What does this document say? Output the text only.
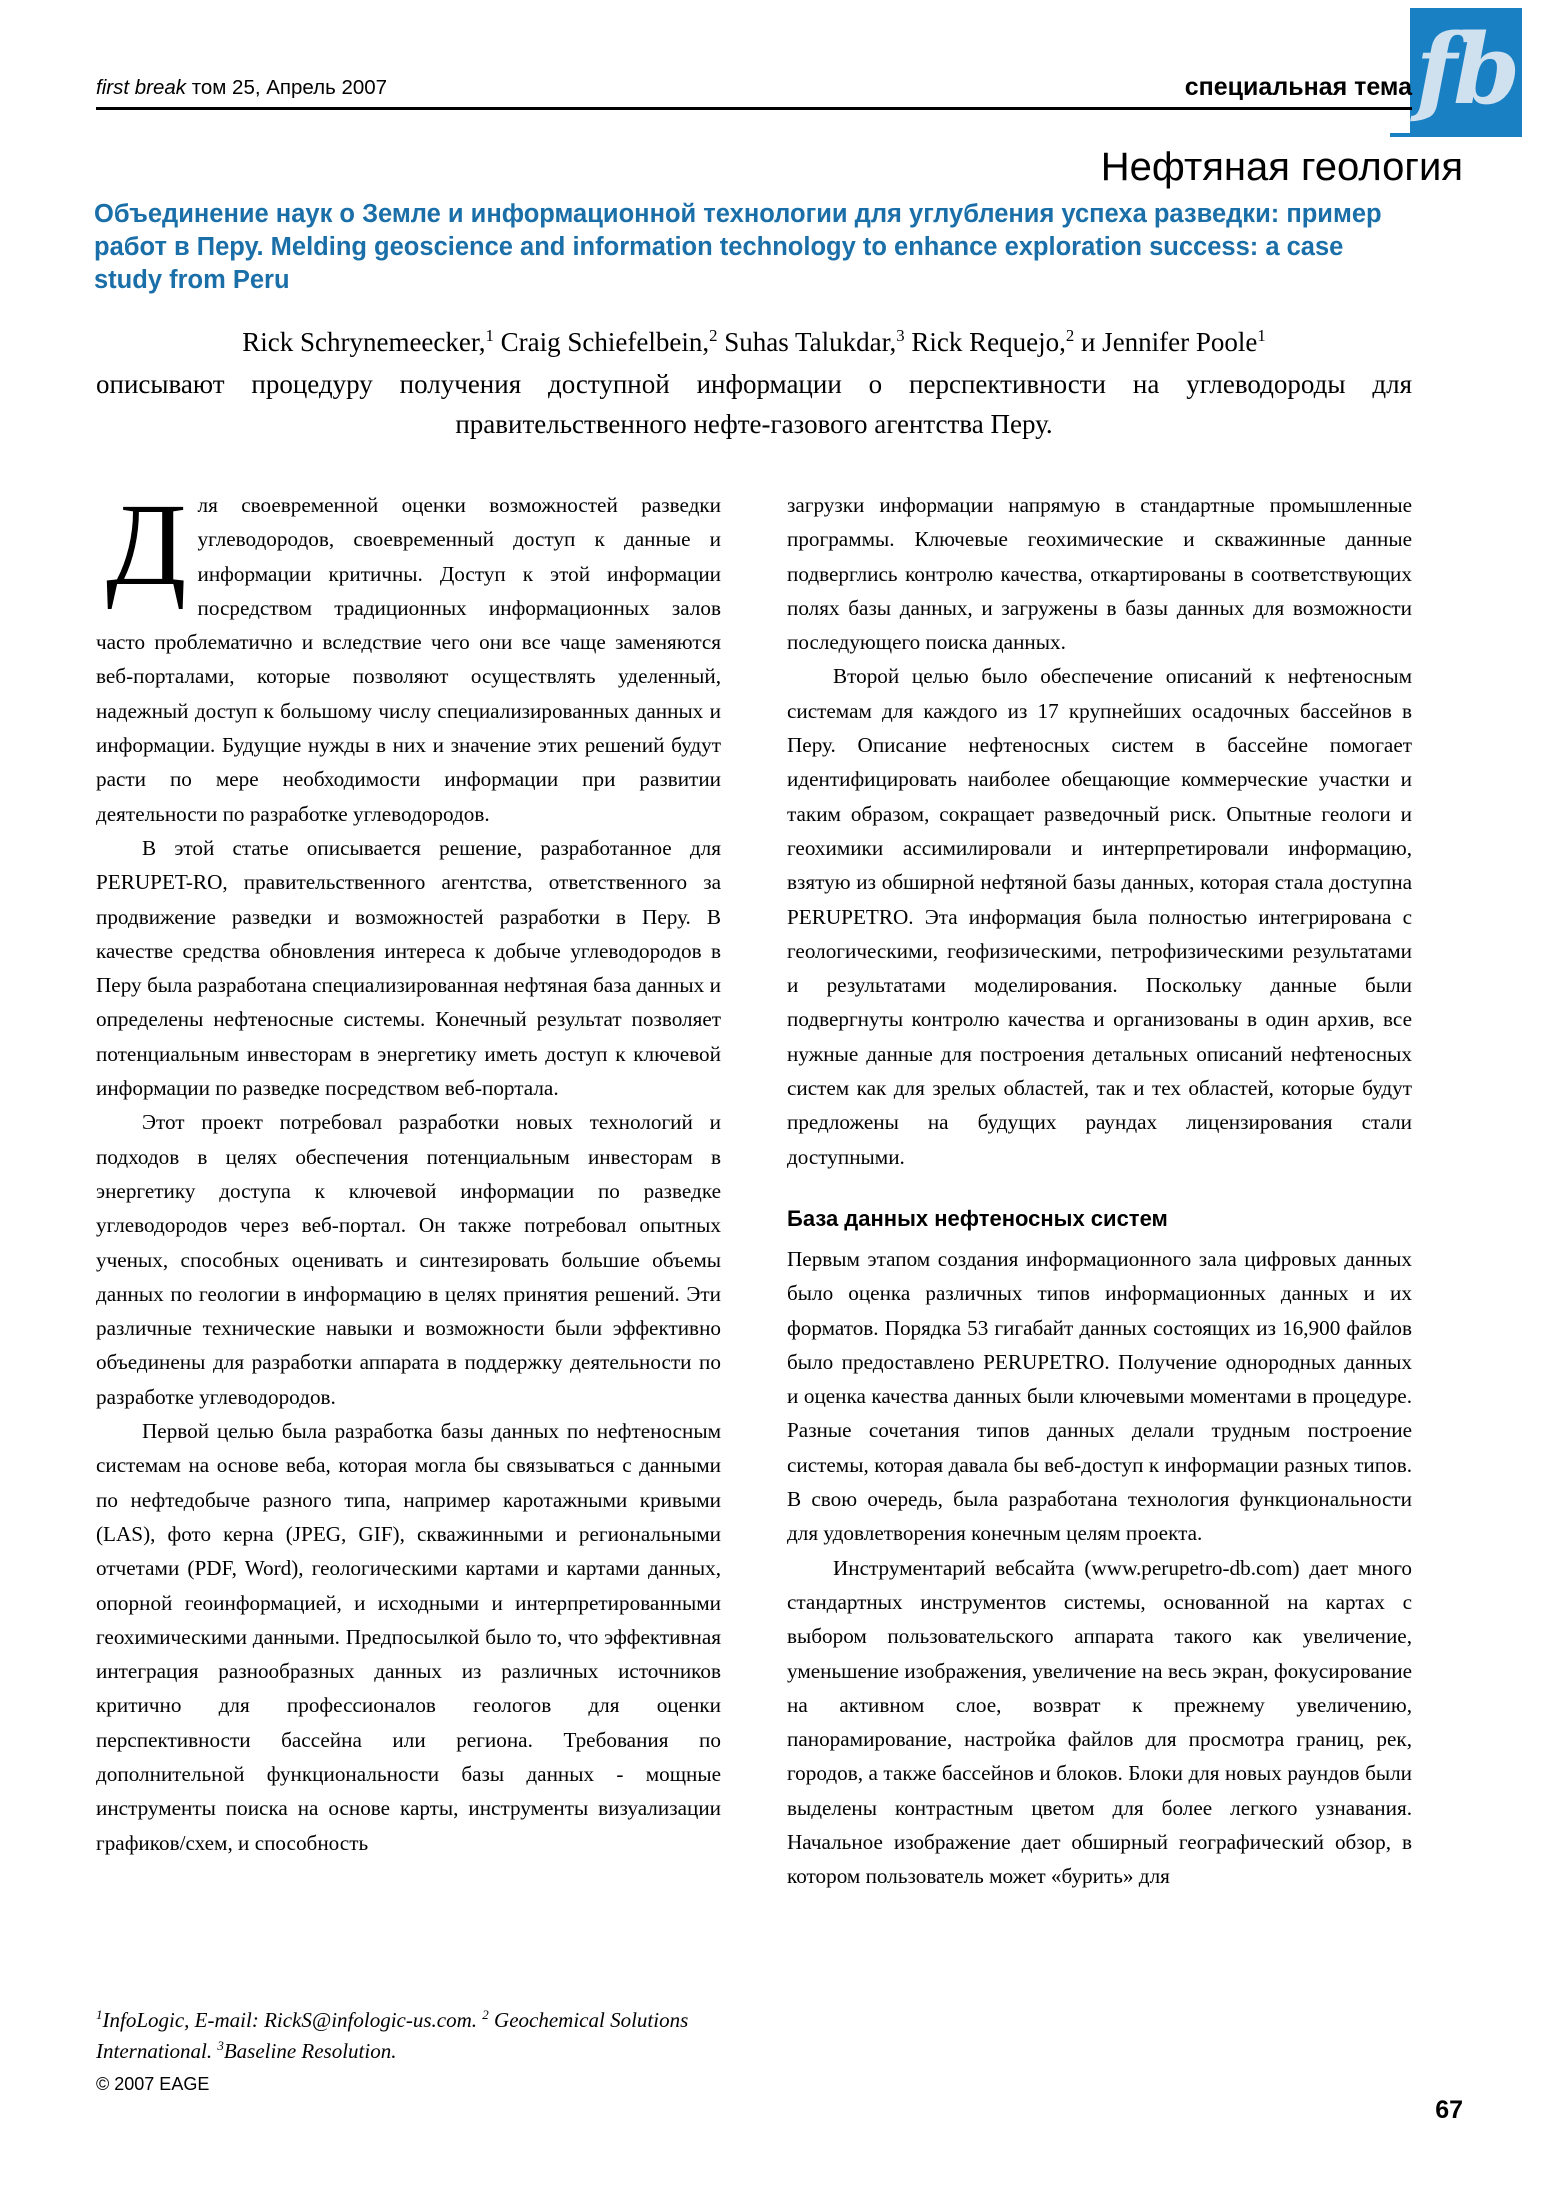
fb
first break том 25, Апрель 2007	специальная тема
Нефтяная геология
Объединение наук о Земле и информационной технологии для углубления успеха разведки: пример работ в Перу. Melding geoscience and information technology to enhance exploration success: a case study from Peru
Rick Schrynemeecker,$^1$ Craig Schiefelbein,$^2$ Suhas Talukdar,$^3$ Rick Requejo,$^2$ и Jennifer Poole$^1$
описывают процедуру получения доступной информации о перспективности на углеводороды для правительственного нефте-газового агентства Перу.

Для своевременной оценки возможностей разведки углеводородов, своевременный доступ к данные и информации критичны. Доступ к этой информации посредством традиционных информационных залов часто проблематично и вследствие чего они все чаще заменяются веб-порталами, которые позволяют осуществлять уделенный, надежный доступ к большому числу специализированных данных и информации. Будущие нужды в них и значение этих решений будут расти по мере необходимости информации при развитии деятельности по разработке углеводородов.

В этой статье описывается решение, разработанное для PERUPET-RO, правительственного агентства, ответственного за продвижение разведки и возможностей разработки в Перу. В качестве средства обновления интереса к добыче углеводородов в Перу была разработана специализированная нефтяная база данных и определены нефтеносные системы. Конечный результат позволяет потенциальным инвесторам в энергетику иметь доступ к ключевой информации по разведке посредством веб-портала.

Этот проект потребовал разработки новых технологий и подходов в целях обеспечения потенциальным инвесторам в энергетику доступа к ключевой информации по разведке углеводородов через веб-портал. Он также потребовал опытных ученых, способных оценивать и синтезировать большие объемы данных по геологии в информацию в целях принятия решений. Эти различные технические навыки и возможности были эффективно объединены для разработки аппарата в поддержку деятельности по разработке углеводородов.

Первой целью была разработка базы данных по нефтеносным системам на основе веба, которая могла бы связываться с данными по нефтедобыче разного типа, например каротажными кривыми (LAS), фото керна (JPEG, GIF), скважинными и региональными отчетами (PDF, Word), геологическими картами и картами данных, опорной геоинформацией, и исходными и интерпретированными геохимическими данными. Предпосылкой было то, что эффективная интеграция разнообразных данных из различных источников критично для профессионалов геологов для оценки перспективности бассейна или региона. Требования по дополнительной функциональности базы данных - мощные инструменты поиска на основе карты, инструменты визуализации графиков/схем, и способность

загрузки информации напрямую в стандартные промышленные программы. Ключевые геохимические и скважинные данные подверглись контролю качества, откартированы в соответствующих полях базы данных, и загружены в базы данных для возможности последующего поиска данных.

Второй целью было обеспечение описаний к нефтеносным системам для каждого из 17 крупнейших осадочных бассейнов в Перу. Описание нефтеносных систем в бассейне помогает идентифицировать наиболее обещающие коммерческие участки и таким образом, сокращает разведочный риск. Опытные геологи и геохимики ассимилировали и интерпретировали информацию, взятую из обширной нефтяной базы данных, которая стала доступна PERUPETRO. Эта информация была полностью интегрирована с геологическими, геофизическими, петрофизическими результатами и результатами моделирования. Поскольку данные были подвергнуты контролю качества и организованы в один архив, все нужные данные для построения детальных описаний нефтеносных систем как для зрелых областей, так и тех областей, которые будут предложены на будущих раундах лицензирования стали доступными.

База данных нефтеносных систем

Первым этапом создания информационного зала цифровых данных было оценка различных типов информационных данных и их форматов. Порядка 53 гигабайт данных состоящих из 16,900 файлов было предоставлено PERUPETRO. Получение однородных данных и оценка качества данных были ключевыми моментами в процедуре. Разные сочетания типов данных делали трудным построение системы, которая давала бы веб-доступ к информации разных типов. В свою очередь, была разработана технология функциональности для удовлетворения конечным целям проекта.

Инструментарий вебсайта (www.perupetro-db.com) дает много стандартных инструментов системы, основанной на картах с выбором пользовательского аппарата такого как увеличение, уменьшение изображения, увеличение на весь экран, фокусирование на активном слое, возврат к прежнему увеличению, панорамирование, настройка файлов для просмотра границ, рек, городов, а также бассейнов и блоков. Блоки для новых раундов были выделены контрастным цветом для более легкого узнавания. Начальное изображение дает обширный географический обзор, в котором пользователь может «бурить» для

$^1$InfoLogic, E-mail: RickS@infologic-us.com. $^2$ Geochemical Solutions International. $^3$Baseline Resolution.
© 2007 EAGE
67
